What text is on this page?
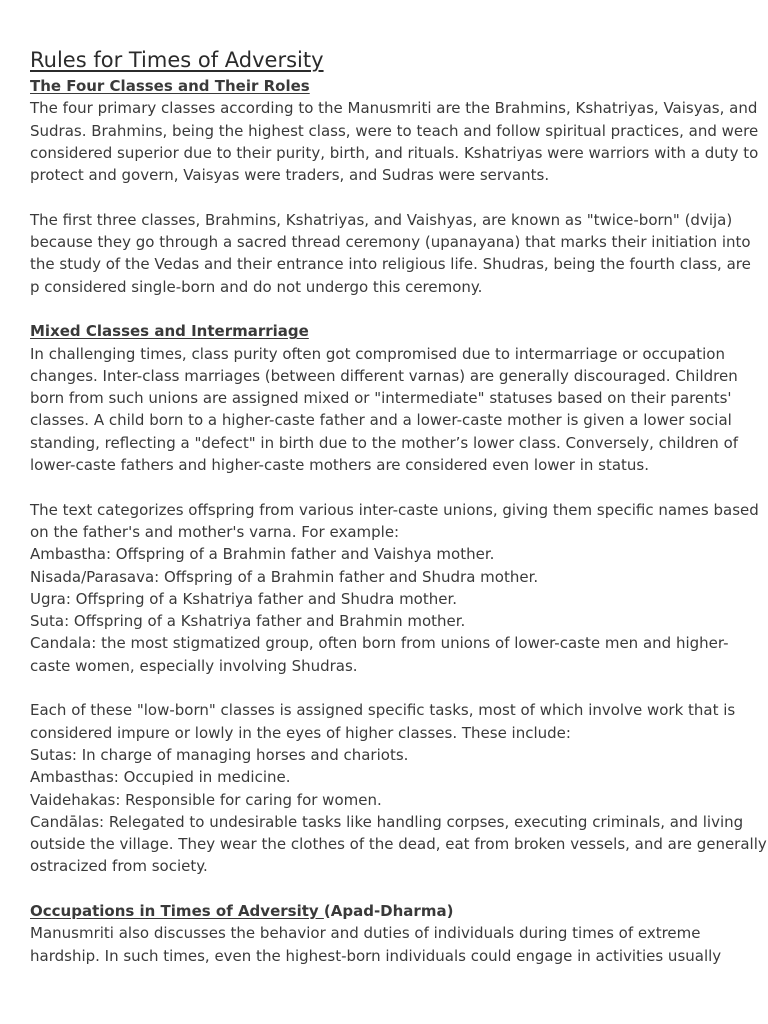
Rules for Times of Adversity
The Four Classes and Their Roles

The four primary classes according to the Manusmriti are the Brahmins, Kshatriyas, Vaisyas, and
Sudras. Brahmins, being the highest class, were to teach and follow spiritual practices, and were
considered superior due to their purity, birth, and rituals. Kshatriyas were warriors with a duty to
protect and govern, Vaisyas were traders, and Sudras were servants.

The first three classes, Brahmins, Kshatriyas, and Vaishyas, are known as "twice-born" (dvija)
because they go through a sacred thread ceremony (upanayana) that marks their initiation into
the study of the Vedas and their entrance into religious life. Shudras, being the fourth class, are
p considered single-born and do not undergo this ceremony.

Mixed Classes and Intermarriage

In challenging times, class purity often got compromised due to intermarriage or occupation
changes. Inter-class marriages (between different varnas) are generally discouraged. Children
born from such unions are assigned mixed or "intermediate" statuses based on their parents'
classes. A child born to a higher-caste father and a lower-caste mother is given a lower social
standing, reflecting a "defect" in birth due to the mother’s lower class. Conversely, children of
lower-caste fathers and higher-caste mothers are considered even lower in status.

The text categorizes offspring from various inter-caste unions, giving them specific names based
on the father's and mother's varna. For example:
Ambastha: Offspring of a Brahmin father and Vaishya mother.
Nisada/Parasava: Offspring of a Brahmin father and Shudra mother.
Ugra: Offspring of a Kshatriya father and Shudra mother.
Suta: Offspring of a Kshatriya father and Brahmin mother.
Candala: the most stigmatized group, often born from unions of lower-caste men and higher-
caste women, especially involving Shudras.

Each of these "low-born" classes is assigned specific tasks, most of which involve work that is
considered impure or lowly in the eyes of higher classes. These include:
Sutas: In charge of managing horses and chariots.
Ambasthas: Occupied in medicine.
Vaidehakas: Responsible for caring for women.
Candālas: Relegated to undesirable tasks like handling corpses, executing criminals, and living
outside the village. They wear the clothes of the dead, eat from broken vessels, and are generally
ostracized from society.

Occupations in Times of Adversity (Apad-Dharma)

Manusmriti also discusses the behavior and duties of individuals during times of extreme
hardship. In such times, even the highest-born individuals could engage in activities usually
